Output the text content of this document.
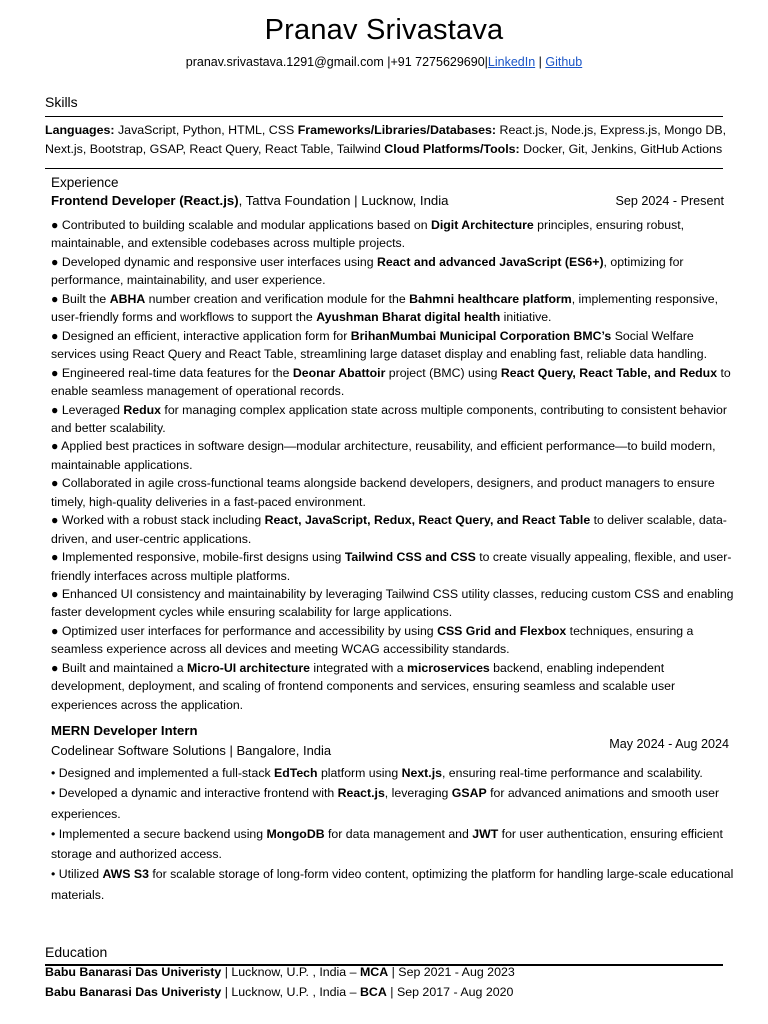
Pranav Srivastava
pranav.srivastava.1291@gmail.com |+91 7275629690|LinkedIn | Github
Skills
Languages: JavaScript, Python, HTML, CSS Frameworks/Libraries/Databases: React.js, Node.js, Express.js, Mongo DB, Next.js, Bootstrap, GSAP, React Query, React Table, Tailwind Cloud Platforms/Tools: Docker, Git, Jenkins, GitHub Actions
Experience
Frontend Developer (React.js), Tattva Foundation | Lucknow, India	Sep 2024 - Present

● Contributed to building scalable and modular applications based on Digit Architecture principles, ensuring robust, maintainable, and extensible codebases across multiple projects.

● Developed dynamic and responsive user interfaces using React and advanced JavaScript (ES6+), optimizing for performance, maintainability, and user experience.

● Built the ABHA number creation and verification module for the Bahmni healthcare platform, implementing responsive, user-friendly forms and workflows to support the Ayushman Bharat digital health initiative.

● Designed an efficient, interactive application form for BrihanMumbai Municipal Corporation BMC’s Social Welfare services using React Query and React Table, streamlining large dataset display and enabling fast, reliable data handling.

● Engineered real-time data features for the Deonar Abattoir project (BMC) using React Query, React Table, and Redux to enable seamless management of operational records.

● Leveraged Redux for managing complex application state across multiple components, contributing to consistent behavior and better scalability.

● Applied best practices in software design—modular architecture, reusability, and efficient performance—to build modern, maintainable applications.

● Collaborated in agile cross-functional teams alongside backend developers, designers, and product managers to ensure timely, high-quality deliveries in a fast-paced environment.

● Worked with a robust stack including React, JavaScript, Redux, React Query, and React Table to deliver scalable, data-driven, and user-centric applications.

● Implemented responsive, mobile-first designs using Tailwind CSS and CSS to create visually appealing, flexible, and user-friendly interfaces across multiple platforms.

● Enhanced UI consistency and maintainability by leveraging Tailwind CSS utility classes, reducing custom CSS and enabling faster development cycles while ensuring scalability for large applications.

● Optimized user interfaces for performance and accessibility by using CSS Grid and Flexbox techniques, ensuring a seamless experience across all devices and meeting WCAG accessibility standards.

● Built and maintained a Micro-UI architecture integrated with a microservices backend, enabling independent development, deployment, and scaling of frontend components and services, ensuring seamless and scalable user experiences across the application.

MERN Developer Intern
Codelinear Software Solutions | Bangalore, India	May 2024 - Aug 2024

• Designed and implemented a full-stack EdTech platform using Next.js, ensuring real-time performance and scalability.

• Developed a dynamic and interactive frontend with React.js, leveraging GSAP for advanced animations and smooth user experiences.

• Implemented a secure backend using MongoDB for data management and JWT for user authentication, ensuring efficient storage and authorized access.

• Utilized AWS S3 for scalable storage of long-form video content, optimizing the platform for handling large-scale educational materials.

Education
Babu Banarasi Das Univeristy | Lucknow, U.P. , India – MCA | Sep 2021 - Aug 2023
Babu Banarasi Das Univeristy | Lucknow, U.P. , India – BCA | Sep 2017 - Aug 2020
